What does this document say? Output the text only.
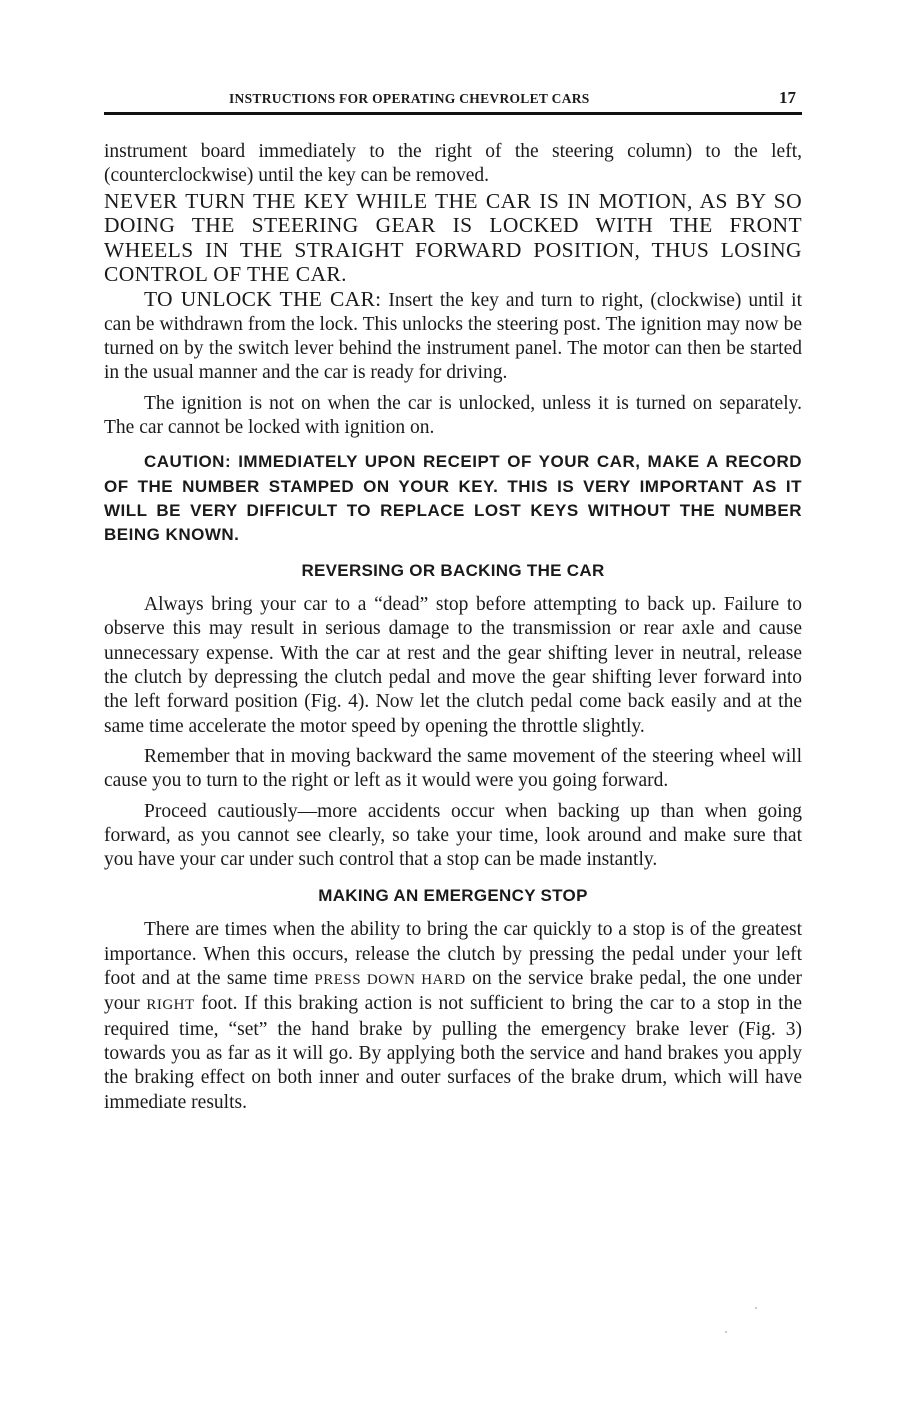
INSTRUCTIONS FOR OPERATING CHEVROLET CARS	17

instrument board immediately to the right of the steering column) to the left, (counterclockwise) until the key can be removed.

NEVER TURN THE KEY WHILE THE CAR IS IN MOTION, AS BY SO DOING THE STEERING GEAR IS LOCKED WITH THE FRONT WHEELS IN THE STRAIGHT FORWARD POSITION, THUS LOSING CONTROL OF THE CAR.

TO UNLOCK THE CAR: Insert the key and turn to right, (clockwise) until it can be withdrawn from the lock. This unlocks the steering post. The ignition may now be turned on by the switch lever behind the instrument panel. The motor can then be started in the usual manner and the car is ready for driving.

The ignition is not on when the car is unlocked, unless it is turned on separately. The car cannot be locked with ignition on.

CAUTION: IMMEDIATELY UPON RECEIPT OF YOUR CAR, MAKE A RECORD OF THE NUMBER STAMPED ON YOUR KEY. THIS IS VERY IMPORTANT AS IT WILL BE VERY DIFFICULT TO REPLACE LOST KEYS WITHOUT THE NUMBER BEING KNOWN.

REVERSING OR BACKING THE CAR

Always bring your car to a “dead” stop before attempting to back up. Failure to observe this may result in serious damage to the transmission or rear axle and cause unnecessary expense. With the car at rest and the gear shifting lever in neutral, release the clutch by depressing the clutch pedal and move the gear shifting lever forward into the left forward position (Fig. 4). Now let the clutch pedal come back easily and at the same time accelerate the motor speed by opening the throttle slightly.

Remember that in moving backward the same movement of the steering wheel will cause you to turn to the right or left as it would were you going forward.

Proceed cautiously—more accidents occur when backing up than when going forward, as you cannot see clearly, so take your time, look around and make sure that you have your car under such control that a stop can be made instantly.

MAKING AN EMERGENCY STOP

There are times when the ability to bring the car quickly to a stop is of the greatest importance. When this occurs, release the clutch by pressing the pedal under your left foot and at the same time PRESS DOWN HARD on the service brake pedal, the one under your RIGHT foot. If this braking action is not sufficient to bring the car to a stop in the required time, “set” the hand brake by pulling the emergency brake lever (Fig. 3) towards you as far as it will go. By applying both the service and hand brakes you apply the braking effect on both inner and outer surfaces of the brake drum, which will have immediate results.
